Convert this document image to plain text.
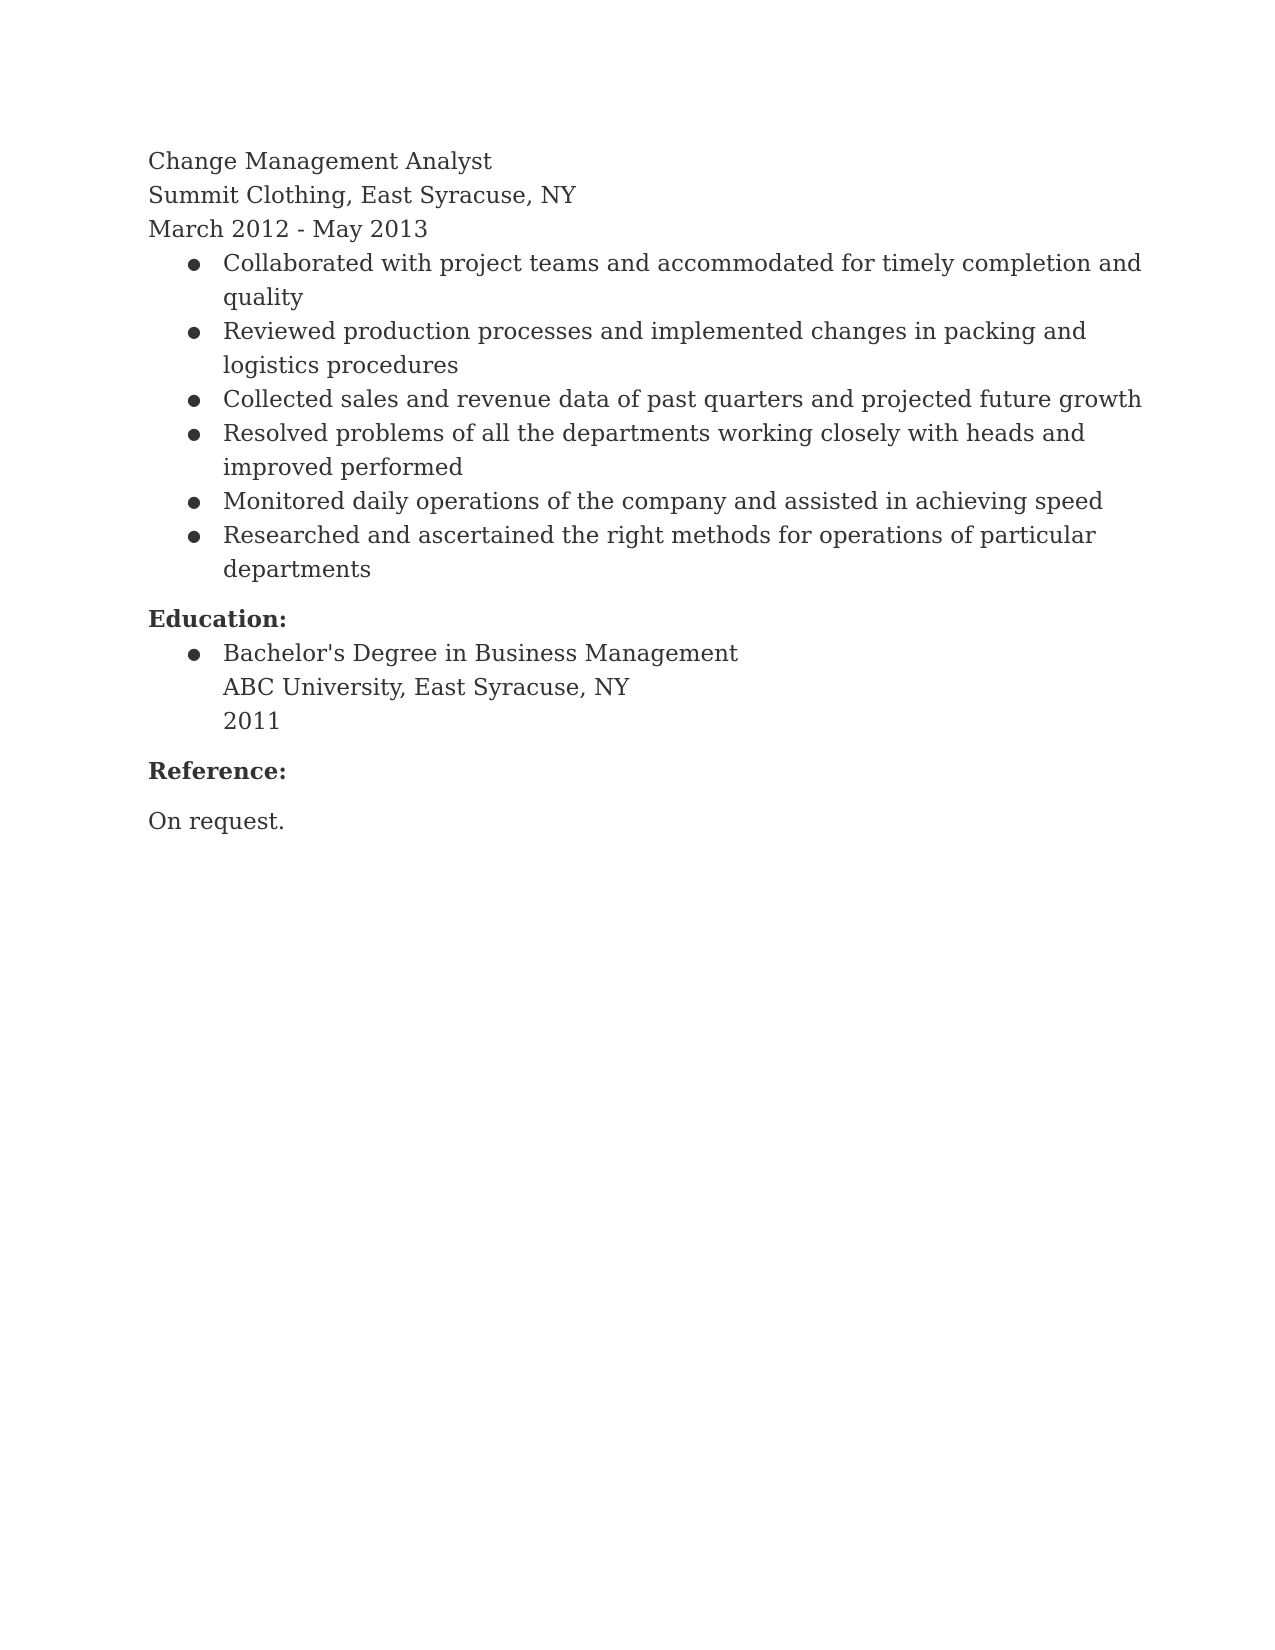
Change Management Analyst
Summit Clothing, East Syracuse, NY
March 2012 - May 2013
● Collaborated with project teams and accommodated for timely completion and quality
● Reviewed production processes and implemented changes in packing and logistics procedures
● Collected sales and revenue data of past quarters and projected future growth
● Resolved problems of all the departments working closely with heads and improved performed
● Monitored daily operations of the company and assisted in achieving speed
● Researched and ascertained the right methods for operations of particular departments
Education:
● Bachelor's Degree in Business Management
ABC University, East Syracuse, NY
2011
Reference:
On request.
